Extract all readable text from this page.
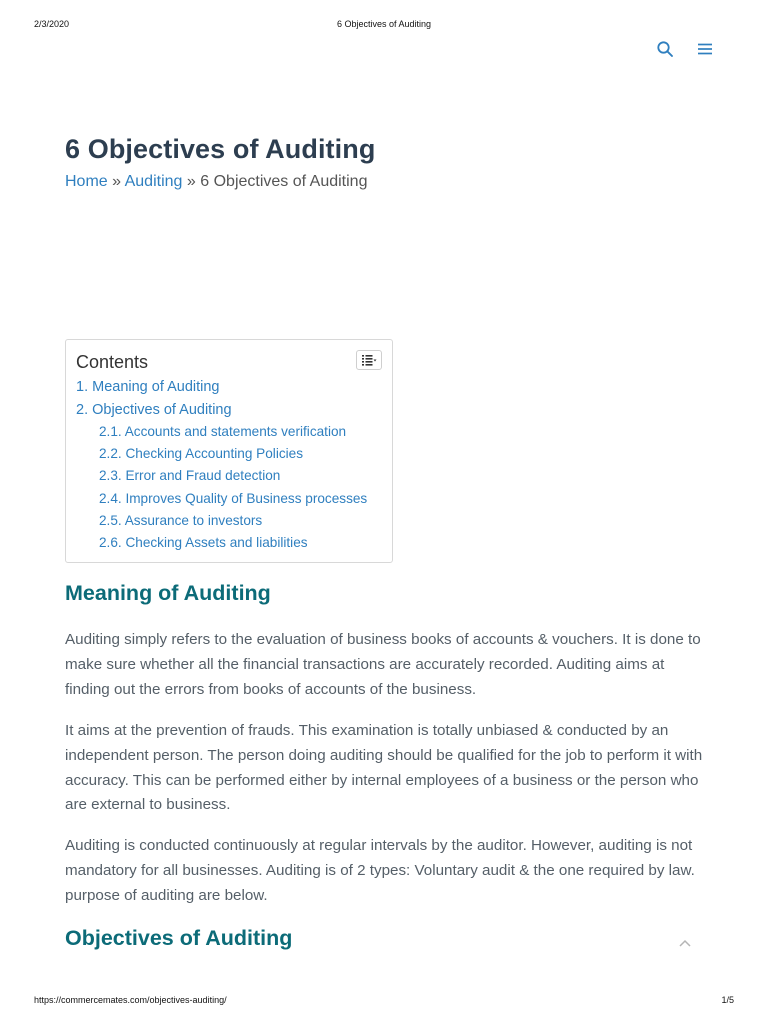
2/3/2020	6 Objectives of Auditing
6 Objectives of Auditing
Home » Auditing » 6 Objectives of Auditing
Contents
1. Meaning of Auditing
2. Objectives of Auditing
2.1. Accounts and statements verification
2.2. Checking Accounting Policies
2.3. Error and Fraud detection
2.4. Improves Quality of Business processes
2.5. Assurance to investors
2.6. Checking Assets and liabilities
Meaning of Auditing

Auditing simply refers to the evaluation of business books of accounts & vouchers. It is done to make sure whether all the financial transactions are accurately recorded. Auditing aims at finding out the errors from books of accounts of the business.

It aims at the prevention of frauds. This examination is totally unbiased & conducted by an independent person. The person doing auditing should be qualified for the job to perform it with accuracy. This can be performed either by internal employees of a business or the person who are external to business.

Auditing is conducted continuously at regular intervals by the auditor. However, auditing is not mandatory for all businesses. Auditing is of 2 types: Voluntary audit & the one required by law. purpose of auditing are below.

Objectives of Auditing
https://commercemates.com/objectives-auditing/	1/5
